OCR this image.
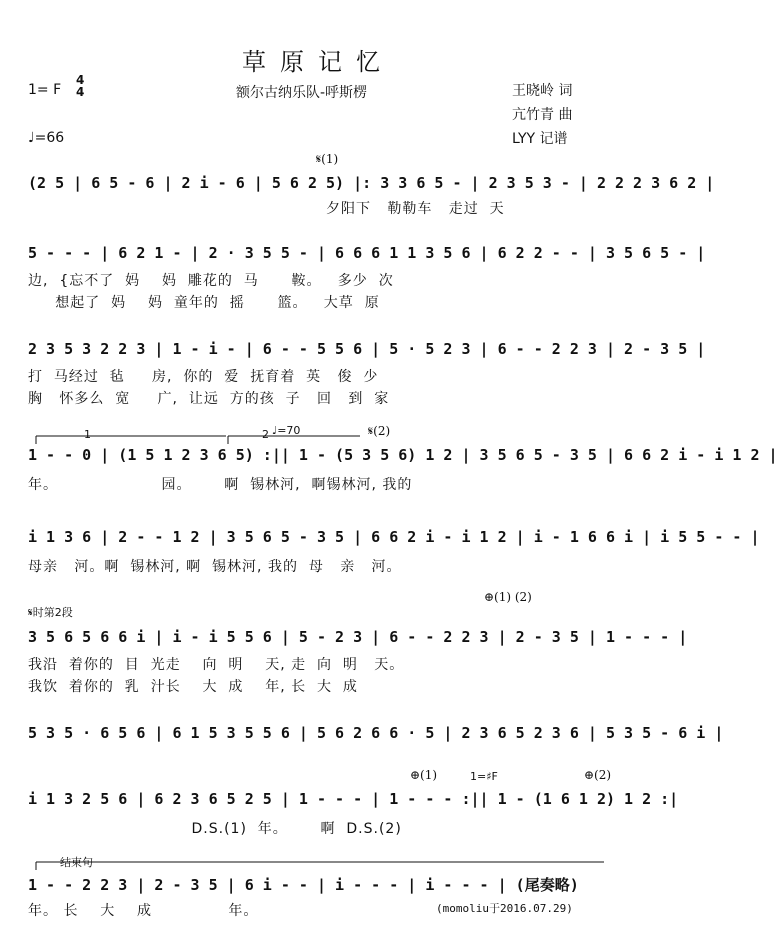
草原记忆
1= F
4
4
♩=66
额尔古纳乐队-呼斯楞	王晓岭 词
亢竹青 曲
LYY 记谱
𝄋(1)
1	2 ♩=70	𝄋(2)
𝄋时第2段
⊕(1) (2)
⊕(1)	1=♯F	⊕(2)
结束句
(2 5 | 6 5 - 6 | 2 i - 6 | 5 6 2 5) |: 3 3 6 5 - | 2 3 5 3 - | 2 2 2 3 6 2 |
夕阳下   勒勒车   走过  天
5 - - - | 6 2 1 - | 2 · 3 5 5 - | 6 6 6 1 1 3 5 6 | 6 2 2 - - | 3 5 6 5 - |
边,  {忘不了  妈    妈  雕花的  马      鞍。   多少  次
想起了  妈    妈  童年的  摇      篮。   大草  原
2 3 5 3 2 2 3 | 1 - i - | 6 - - 5 5 6 | 5 · 5 2 3 | 6 - - 2 2 3 | 2 - 3 5 |
打  马经过  毡     房,  你的  爱  抚育着  英   俊  少
胸   怀多么  宽     广,  让远  方的孩  子   回   到  家
1 - - 0 | (1 5 1 2 3 6 5) :|| 1 - (5 3 5 6) 1 2 | 3 5 6 5 - 3 5 | 6 6 2 i - i 1 2 |
年。                   园。      啊  锡林河,  啊锡林河, 我的
i 1 3 6 | 2 - - 1 2 | 3 5 6 5 - 3 5 | 6 6 2 i - i 1 2 | i - 1 6 6 i | i 5 5 - - |
母亲   河。啊  锡林河, 啊  锡林河, 我的  母   亲   河。
3 5 6 5 6 6 i | i - i 5 5 6 | 5 - 2 3 | 6 - - 2 2 3 | 2 - 3 5 | 1 - - - |
我沿  着你的  目  光走    向  明    天, 走  向  明   天。
我饮  着你的  乳  汁长    大  成    年, 长  大  成
5 3 5 · 6 5 6 | 6 1 5 3 5 5 6 | 5 6 2 6 6 · 5 | 2 3 6 5 2 3 6 | 5 3 5 - 6 i |
i 1 3 2 5 6 | 6 2 3 6 5 2 5 | 1 - - - | 1 - - - :|| 1 - (1 6 1 2) 1 2 :|
D.S.(1)  年。      啊  D.S.(2)
1 - - 2 2 3 | 2 - 3 5 | 6 i - - | i - - - | i - - - | (尾奏略)
年。 长    大    成              年。	(momoliu于2016.07.29)
